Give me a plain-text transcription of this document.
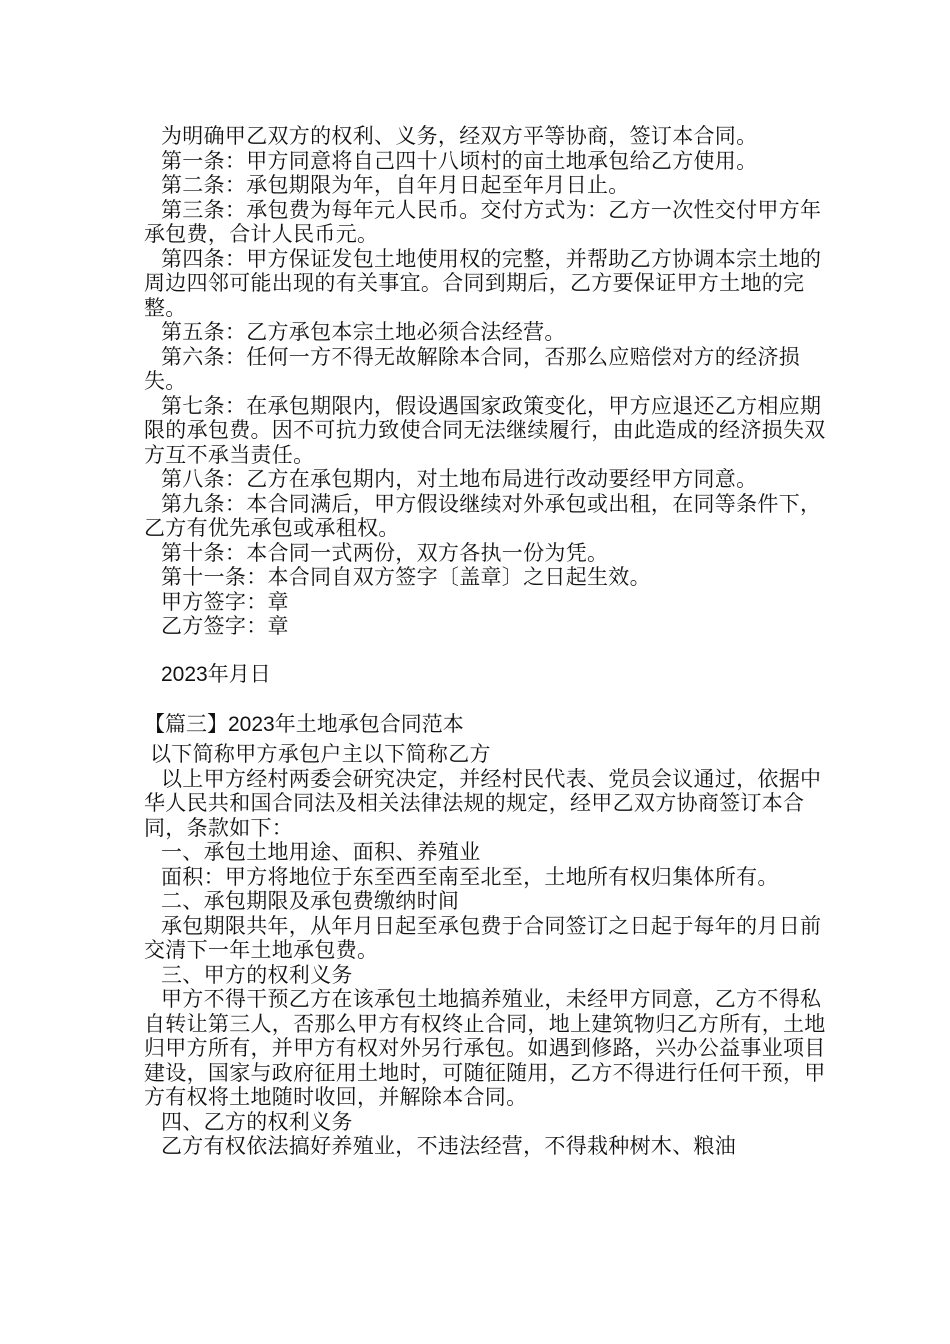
为明确甲乙双方的权利、义务，经双方平等协商，签订本合同。

第一条：甲方同意将自己四十八顷村的亩土地承包给乙方使用。

第二条：承包期限为年，自年月日起至年月日止。

第三条：承包费为每年元人民币。交付方式为：乙方一次性交付甲方年承包费，合计人民币元。

第四条：甲方保证发包土地使用权的完整，并帮助乙方协调本宗土地的周边四邻可能出现的有关事宜。合同到期后，乙方要保证甲方土地的完整。

第五条：乙方承包本宗土地必须合法经营。

第六条：任何一方不得无故解除本合同，否那么应赔偿对方的经济损失。

第七条：在承包期限内，假设遇国家政策变化，甲方应退还乙方相应期限的承包费。因不可抗力致使合同无法继续履行，由此造成的经济损失双方互不承当责任。

第八条：乙方在承包期内，对土地布局进行改动要经甲方同意。

第九条：本合同满后，甲方假设继续对外承包或出租，在同等条件下，乙方有优先承包或承租权。

第十条：本合同一式两份，双方各执一份为凭。

第十一条：本合同自双方签字〔盖章〕之日起生效。

甲方签字：章

乙方签字：章

2023年月日
【篇三】2023年土地承包合同范本

以下简称甲方承包户主以下简称乙方

以上甲方经村两委会研究决定，并经村民代表、党员会议通过，依据中华人民共和国合同法及相关法律法规的规定，经甲乙双方协商签订本合同，条款如下：

一、承包土地用途、面积、养殖业

面积：甲方将地位于东至西至南至北至，土地所有权归集体所有。

二、承包期限及承包费缴纳时间

承包期限共年，从年月日起至承包费于合同签订之日起于每年的月日前交清下一年土地承包费。

三、甲方的权利义务

甲方不得干预乙方在该承包土地搞养殖业，未经甲方同意，乙方不得私自转让第三人，否那么甲方有权终止合同，地上建筑物归乙方所有，土地归甲方所有，并甲方有权对外另行承包。如遇到修路，兴办公益事业项目建设，国家与政府征用土地时，可随征随用，乙方不得进行任何干预，甲方有权将土地随时收回，并解除本合同。

四、乙方的权利义务

乙方有权依法搞好养殖业，不违法经营，不得栽种树木、粮油
